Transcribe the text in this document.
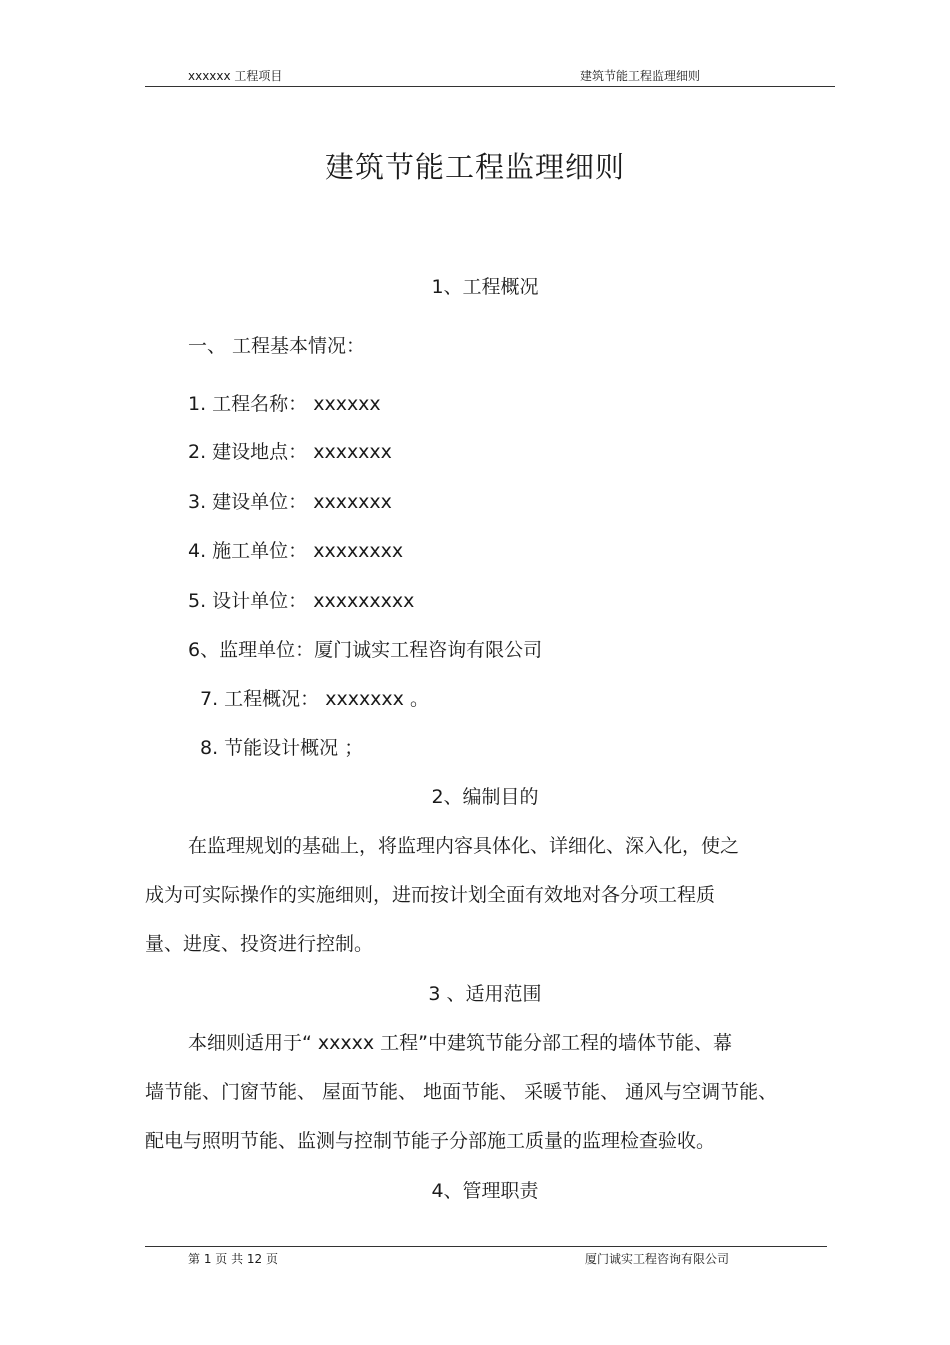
xxxxxx 工程项目	建筑节能工程监理细则
建筑节能工程监理细则
1、工程概况
一、 工程基本情况：
1. 工程名称： xxxxxx
2. 建设地点： xxxxxxx
3. 建设单位： xxxxxxx
4. 施工单位： xxxxxxxx
5. 设计单位： xxxxxxxxx
6、监理单位：厦门诚实工程咨询有限公司
7. 工程概况： xxxxxxx 。
8. 节能设计概况 ；
2、编制目的
在监理规划的基础上，将监理内容具体化、详细化、深入化，使之
成为可实际操作的实施细则，进而按计划全面有效地对各分项工程质
量、进度、投资进行控制。
3 、适用范围
本细则适用于“ xxxxx 工程”中建筑节能分部工程的墙体节能、幕
墙节能、门窗节能、 屋面节能、 地面节能、 采暖节能、 通风与空调节能、
配电与照明节能、监测与控制节能子分部施工质量的监理检查验收。
4、管理职责
第 1 页 共 12 页	厦门诚实工程咨询有限公司
